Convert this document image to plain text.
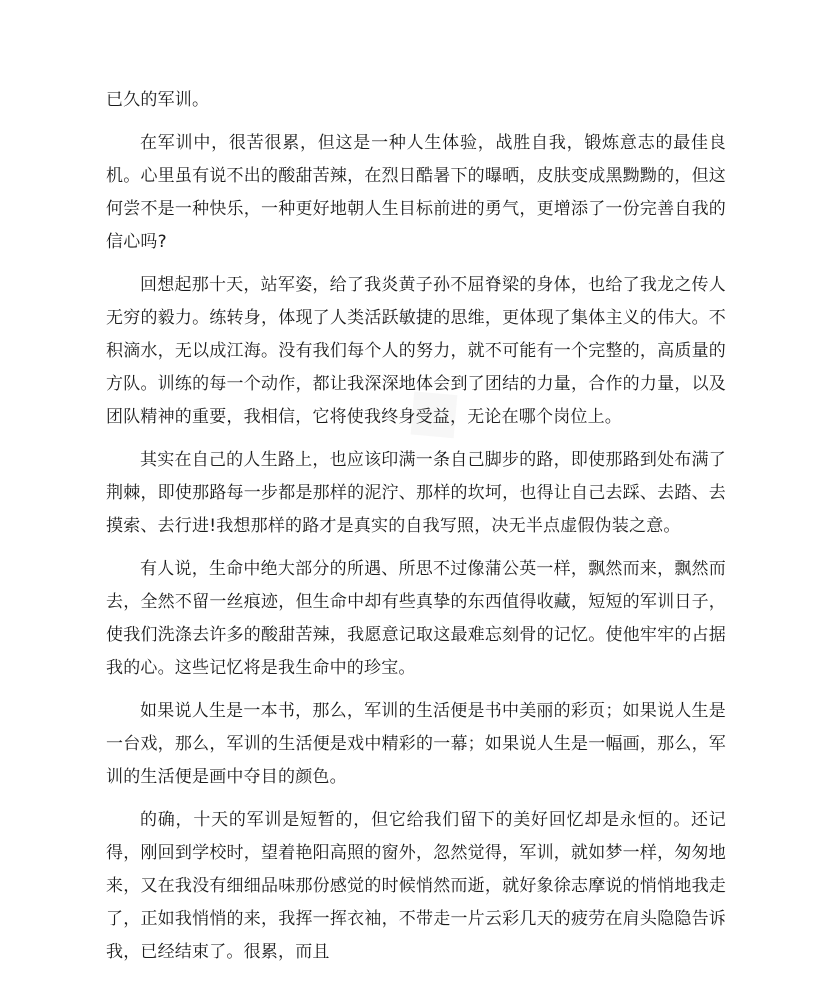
◆

已久的军训。

在军训中，很苦很累，但这是一种人生体验，战胜自我，锻炼意志的最佳良机。心里虽有说不出的酸甜苦辣，在烈日酷暑下的曝晒，皮肤变成黑黝黝的，但这何尝不是一种快乐，一种更好地朝人生目标前进的勇气，更增添了一份完善自我的信心吗?

回想起那十天，站军姿，给了我炎黄子孙不屈脊梁的身体，也给了我龙之传人无穷的毅力。练转身，体现了人类活跃敏捷的思维，更体现了集体主义的伟大。不积滴水，无以成江海。没有我们每个人的努力，就不可能有一个完整的，高质量的方队。训练的每一个动作，都让我深深地体会到了团结的力量，合作的力量，以及团队精神的重要，我相信，它将使我终身受益，无论在哪个岗位上。

其实在自己的人生路上，也应该印满一条自己脚步的路，即使那路到处布满了荆棘，即使那路每一步都是那样的泥泞、那样的坎坷，也得让自己去踩、去踏、去摸索、去行进!我想那样的路才是真实的自我写照，决无半点虚假伪装之意。

有人说，生命中绝大部分的所遇、所思不过像蒲公英一样，飘然而来，飘然而去，全然不留一丝痕迹，但生命中却有些真挚的东西值得收藏，短短的军训日子，使我们洗涤去许多的酸甜苦辣，我愿意记取这最难忘刻骨的记忆。使他牢牢的占据我的心。这些记忆将是我生命中的珍宝。

如果说人生是一本书，那么，军训的生活便是书中美丽的彩页；如果说人生是一台戏，那么，军训的生活便是戏中精彩的一幕；如果说人生是一幅画，那么，军训的生活便是画中夺目的颜色。

的确，十天的军训是短暂的，但它给我们留下的美好回忆却是永恒的。还记得，刚回到学校时，望着艳阳高照的窗外，忽然觉得，军训，就如梦一样，匆匆地来，又在我没有细细品味那份感觉的时候悄然而逝，就好象徐志摩说的悄悄地我走了，正如我悄悄的来，我挥一挥衣袖，不带走一片云彩几天的疲劳在肩头隐隐告诉我，已经结束了。很累，而且
